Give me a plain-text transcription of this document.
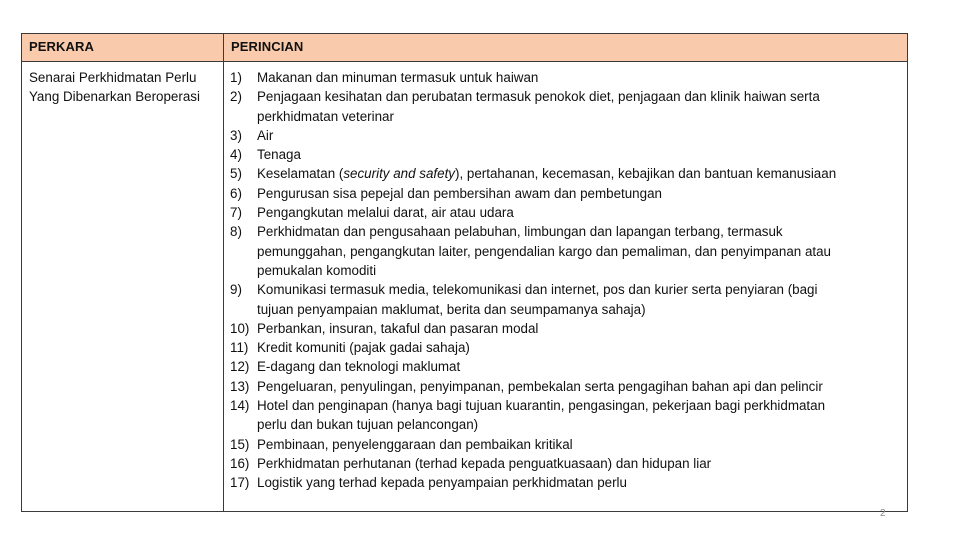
PERKARA	PERINCIAN
Senarai Perkhidmatan Perlu
Yang Dibenarkan Beroperasi
1) Makanan dan minuman termasuk untuk haiwan
2) Penjagaan kesihatan dan perubatan termasuk penokok diet, penjagaan dan klinik haiwan serta
perkhidmatan veterinar
3) Air
4) Tenaga
5) Keselamatan (security and safety), pertahanan, kecemasan, kebajikan dan bantuan kemanusiaan
6) Pengurusan sisa pepejal dan pembersihan awam dan pembetungan
7) Pengangkutan melalui darat, air atau udara
8) Perkhidmatan dan pengusahaan pelabuhan, limbungan dan lapangan terbang, termasuk
pemunggahan, pengangkutan laiter, pengendalian kargo dan pemaliman, dan penyimpanan atau
pemukalan komoditi
9) Komunikasi termasuk media, telekomunikasi dan internet, pos dan kurier serta penyiaran (bagi
tujuan penyampaian maklumat, berita dan seumpamanya sahaja)
10) Perbankan, insuran, takaful dan pasaran modal
11) Kredit komuniti (pajak gadai sahaja)
12) E-dagang dan teknologi maklumat
13) Pengeluaran, penyulingan, penyimpanan, pembekalan serta pengagihan bahan api dan pelincir
14) Hotel dan penginapan (hanya bagi tujuan kuarantin, pengasingan, pekerjaan bagi perkhidmatan
perlu dan bukan tujuan pelancongan)
15) Pembinaan, penyelenggaraan dan pembaikan kritikal
16) Perkhidmatan perhutanan (terhad kepada penguatkuasaan) dan hidupan liar
17) Logistik yang terhad kepada penyampaian perkhidmatan perlu
2
